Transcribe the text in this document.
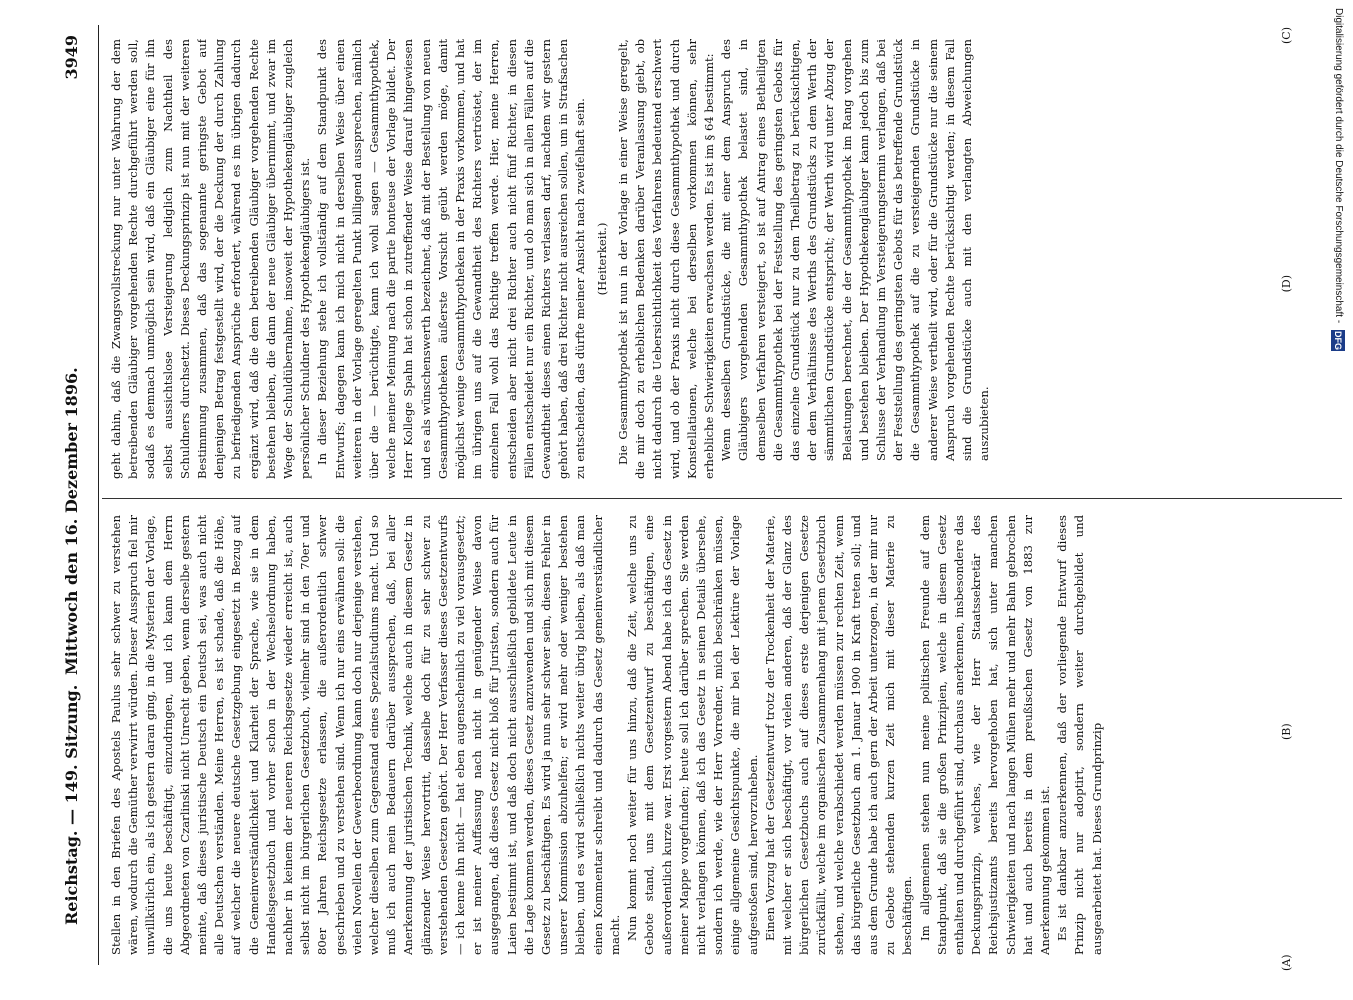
Reichstag. — 149. Sitzung.
Mittwoch den 16. Dezember 1896.
3949

Stellen in den Briefen des Apostels Paulus sehr schwer zu verstehen wären, wodurch die Gemüther verwirrt würden. Dieser Ausspruch fiel mir unwillkürlich ein, als ich gestern daran ging, in die Mysterien der Vorlage, die uns heute beschäftigt, einzudringen, und ich kann dem Herrn Abgeordneten von Czarlinski nicht Unrecht geben, wenn derselbe gestern meinte, daß dieses juristische Deutsch ein Deutsch sei, was auch nicht alle Deutschen verständen. Meine Herren, es ist schade, daß die Höhe, auf welcher die neuere deutsche Gesetzgebung eingesetzt in Bezug auf die Gemeinverständlichkeit und Klarheit der Sprache, wie sie in dem Handelsgesetzbuch und vorher schon in der Wechselordnung haben, nachher in keinem der neueren Reichsgesetze wieder erreicht ist, auch selbst nicht im bürgerlichen Gesetzbuch, vielmehr sind in den 70er und 80er Jahren Reichsgesetze erlassen, die außerordentlich schwer geschrieben und zu verstehen sind. Wenn ich nur eins erwähnen soll: die vielen Novellen der Gewerbeordnung kann doch nur derjenige verstehen, welcher dieselben zum Gegenstand eines Spezialstudiums macht. Und so muß ich auch mein Bedauern darüber aussprechen, daß, bei aller Anerkennung der juristischen Technik, welche auch in diesem Gesetz in glänzender Weise hervortritt, dasselbe doch für zu sehr schwer zu verstehenden Gesetzen gehört. Der Herr Verfasser dieses Gesetzentwurfs — ich kenne ihn nicht — hat eben augenscheinlich zu viel vorausgesetzt; er ist meiner Auffassung nach nicht in genügender Weise davon ausgegangen, daß dieses Gesetz nicht bloß für Juristen, sondern auch für Laien bestimmt ist, und daß doch nicht ausschließlich gebildete Leute in die Lage kommen werden, dieses Gesetz anzuwenden und sich mit diesem Gesetz zu beschäftigen. Es wird ja nun sehr schwer sein, diesen Fehler in unserer Kommission abzuhelfen; er wird mehr oder weniger bestehen bleiben, und es wird schließlich nichts weiter übrig bleiben, als daß man einen Kommentar schreibt und dadurch das Gesetz gemeinverständlicher macht. Nun kommt noch weiter für uns hinzu, daß die Zeit, welche uns zu Gebote stand, uns mit dem Gesetzentwurf zu beschäftigen, eine außerordentlich kurze war. Erst vorgestern Abend habe ich das Gesetz in meiner Mappe vorgefunden; heute soll ich darüber sprechen. Sie werden nicht verlangen können, daß ich das Gesetz in seinen Details übersehe, sondern ich werde, wie der Herr Vorredner, mich beschränken müssen, einige allgemeine Gesichtspunkte, die mir bei der Lektüre der Vorlage aufgestoßen sind, hervorzuheben. Einen Vorzug hat der Gesetzentwurf trotz der Trockenheit der Materie, mit welcher er sich beschäftigt, vor vielen anderen, daß der Glanz des bürgerlichen Gesetzbuchs auch auf dieses erste derjenigen Gesetze zurückfällt, welche im organischen Zusammenhang mit jenem Gesetzbuch stehen, und welche verabschiedet werden müssen zur rechten Zeit, wenn das bürgerliche Gesetzbuch am 1. Januar 1900 in Kraft treten soll; und aus dem Grunde habe ich auch gern der Arbeit unterzogen, in der mir nur zu Gebote stehenden kurzen Zeit mich mit dieser Materie zu beschäftigen. Im allgemeinen stehen nun meine politischen Freunde auf dem Standpunkt, daß sie die großen Prinzipien, welche in diesem Gesetz enthalten und durchgeführt sind, durchaus anerkennen, insbesondere das Deckungsprinzip, welches, wie der Herr Staatssekretär des Reichsjustizamts bereits hervorgehoben hat, sich unter manchen Schwierigkeiten und nach langen Mühen mehr und mehr Bahn gebrochen hat und auch bereits in dem preußischen Gesetz von 1883 zur Anerkennung gekommen ist. Es ist dankbar anzuerkennen, daß der vorliegende Entwurf dieses Prinzip nicht nur adoptirt, sondern weiter durchgebildet und ausgearbeitet hat. Dieses Grundprinzip

geht dahin, daß die Zwangsvollstreckung nur unter Wahrung der dem betreibenden Gläubiger vorgehenden Rechte durchgeführt werden soll, sodaß es demnach unmöglich sein wird, daß ein Gläubiger eine für ihn selbst aussichtslose Versteigerung lediglich zum Nachtheil des Schuldners durchsetzt. Dieses Deckungsprinzip ist nun mit der weiteren Bestimmung zusammen, daß das sogenannte geringste Gebot auf denjenigen Betrag festgestellt wird, der die Deckung der durch Zahlung zu befriedigenden Ansprüche erfordert, während es im übrigen dadurch ergänzt wird, daß die dem betreibenden Gläubiger vorgehenden Rechte bestehen bleiben, die dann der neue Gläubiger übernimmt, und zwar im Wege der Schuldübernahme, insoweit der Hypothekengläubiger zugleich persönlicher Schuldner des Hypothekengläubigers ist. In dieser Beziehung stehe ich vollständig auf dem Standpunkt des Entwurfs; dagegen kann ich mich nicht in derselben Weise über einen weiteren in der Vorlage geregelten Punkt billigend aussprechen, nämlich über die — berüchtigte, kann ich wohl sagen — Gesammthypothek, welche meiner Meinung nach die partie honteuse der Vorlage bildet. Der Herr Kollege Spahn hat schon in zutreffender Weise darauf hingewiesen und es als wünschenswerth bezeichnet, daß mit der Bestellung von neuen Gesammthypotheken äußerste Vorsicht geübt werden möge, damit möglichst wenige Gesammthypotheken in der Praxis vorkommen, und hat im übrigen uns auf die Gewandtheit des Richters vertröstet, der im einzelnen Fall wohl das Richtige treffen werde. Hier, meine Herren, entscheiden aber nicht drei Richter auch nicht fünf Richter, in diesen Fällen entscheidet nur ein Richter, und ob man sich in allen Fällen auf die Gewandtheit dieses einen Richters verlassen darf, nachdem wir gestern gehört haben, daß drei Richter nicht ausreichen sollen, um in Strafsachen zu entscheiden, das dürfte meiner Ansicht nach zweifelhaft sein. (Heiterkeit.) Die Gesammthypothek ist nun in der Vorlage in einer Weise geregelt, die mir doch zu erheblichen Bedenken darüber Veranlassung giebt, ob nicht dadurch die Uebersichtlichkeit des Verfahrens bedeutend erschwert wird, und ob der Praxis nicht durch diese Gesammthypothek und durch Konstellationen, welche bei derselben vorkommen können, sehr erhebliche Schwierigkeiten erwachsen werden. Es ist im § 64 bestimmt: Wenn desselben Grundstücke, die mit einer dem Anspruch des Gläubigers vorgehenden Gesammthypothek belastet sind, in demselben Verfahren versteigert, so ist auf Antrag eines Betheiligten die Gesammthypothek bei der Feststellung des geringsten Gebots für das einzelne Grundstück nur zu dem Theilbetrag zu berücksichtigen, der dem Verhältnisse des Werths des Grundstücks zu dem Werth der sämmtlichen Grundstücke entspricht; der Werth wird unter Abzug der Belastungen berechnet, die der Gesammthypothek im Rang vorgehen und bestehen bleiben. Der Hypothekengläubiger kann jedoch bis zum Schlusse der Verhandlung im Versteigerungstermin verlangen, daß bei der Feststellung des geringsten Gebots für das betreffende Grundstück die Gesammthypothek auf die zu versteigernden Grundstücke in anderer Weise vertheilt wird, oder für die Grundstücke nur die seinem Anspruch vorgehenden Rechte berücksichtigt werden; in diesem Fall sind die Grundstücke auch mit den verlangten Abweichungen auszubieten.

(A)
(B)
(C)
(D)	Digitalisierung gefördert durch die Deutsche Forschungsgemeinschaft - DFG
